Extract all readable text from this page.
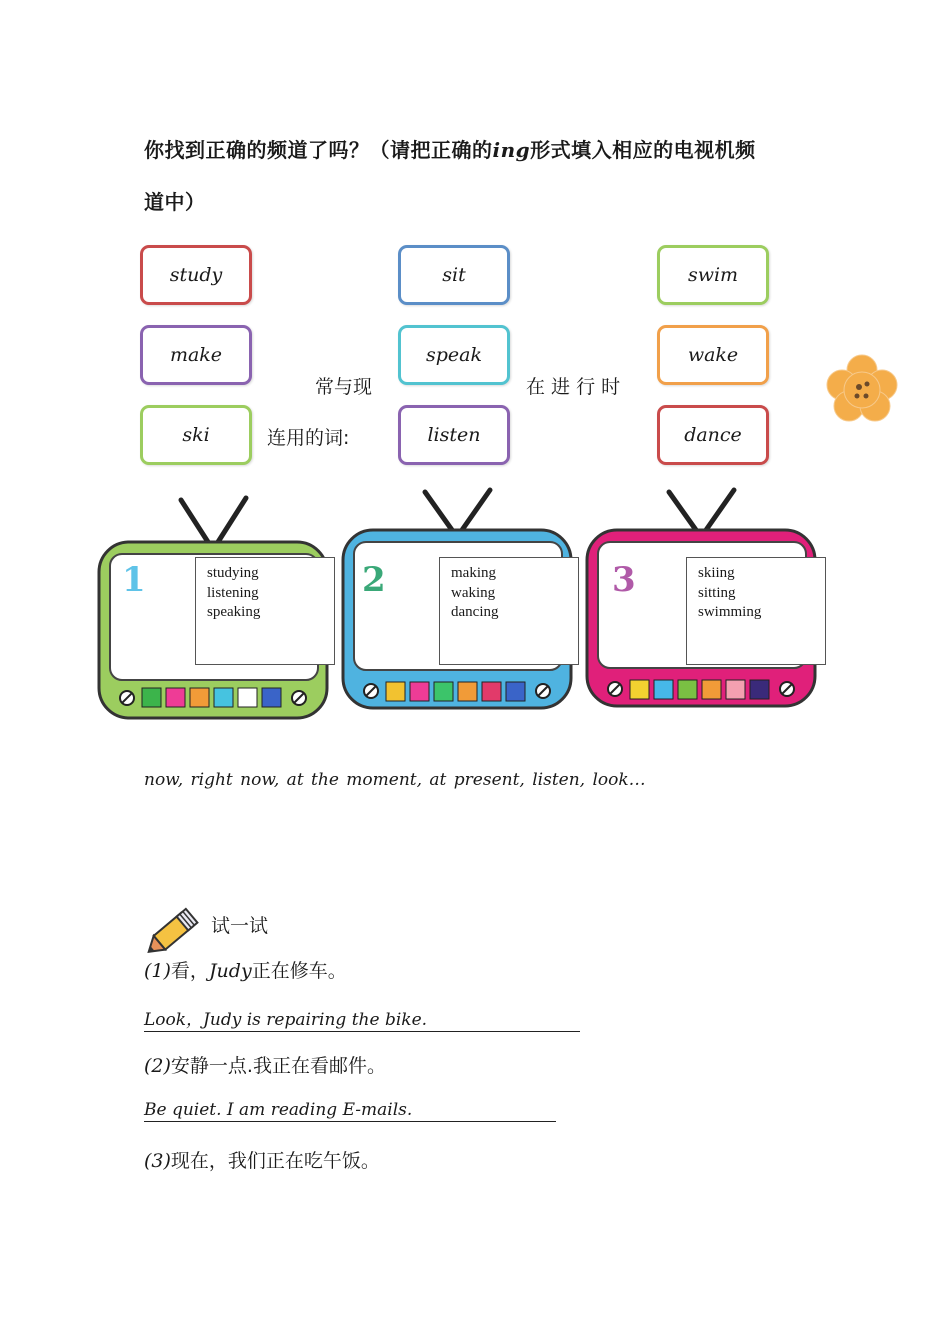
你找到正确的频道了吗？（请把正确的ing形式填入相应的电视机频
道中）
study
make
ski
sit
speak
listen
swim
wake
dance
常与现	在 进 行 时
连用的词:
1	studying
listening
speaking
2	making
waking
dancing
3	skiing
sitting
swimming
now, right now, at the moment, at present, listen, look…
试一试
(1)看，Judy正在修车。
Look，Judy is repairing the bike.
(2)安静一点.我正在看邮件。
Be quiet. I am reading E-mails.
(3)现在，我们正在吃午饭。
